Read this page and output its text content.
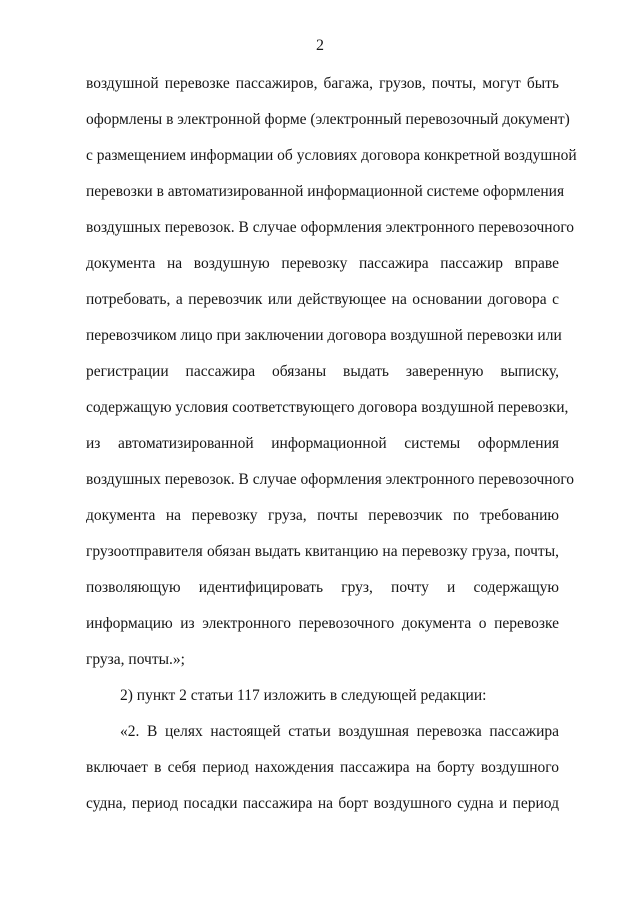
2

воздушной перевозке пассажиров, багажа, грузов, почты, могут быть

оформлены в электронной форме (электронный перевозочный документ)

с размещением информации об условиях договора конкретной воздушной

перевозки в автоматизированной информационной системе оформления

воздушных перевозок. В случае оформления электронного перевозочного

документа на воздушную перевозку пассажира пассажир вправе

потребовать, а перевозчик или действующее на основании договора с

перевозчиком лицо при заключении договора воздушной перевозки или

регистрации пассажира обязаны выдать заверенную выписку,

содержащую условия соответствующего договора воздушной перевозки,

из автоматизированной информационной системы оформления

воздушных перевозок. В случае оформления электронного перевозочного

документа на перевозку груза, почты перевозчик по требованию

грузоотправителя обязан выдать квитанцию на перевозку груза, почты,

позволяющую идентифицировать груз, почту и содержащую

информацию из электронного перевозочного документа о перевозке

груза, почты.»;

2) пункт 2 статьи 117 изложить в следующей редакции:

«2. В целях настоящей статьи воздушная перевозка пассажира

включает в себя период нахождения пассажира на борту воздушного

судна, период посадки пассажира на борт воздушного судна и период
